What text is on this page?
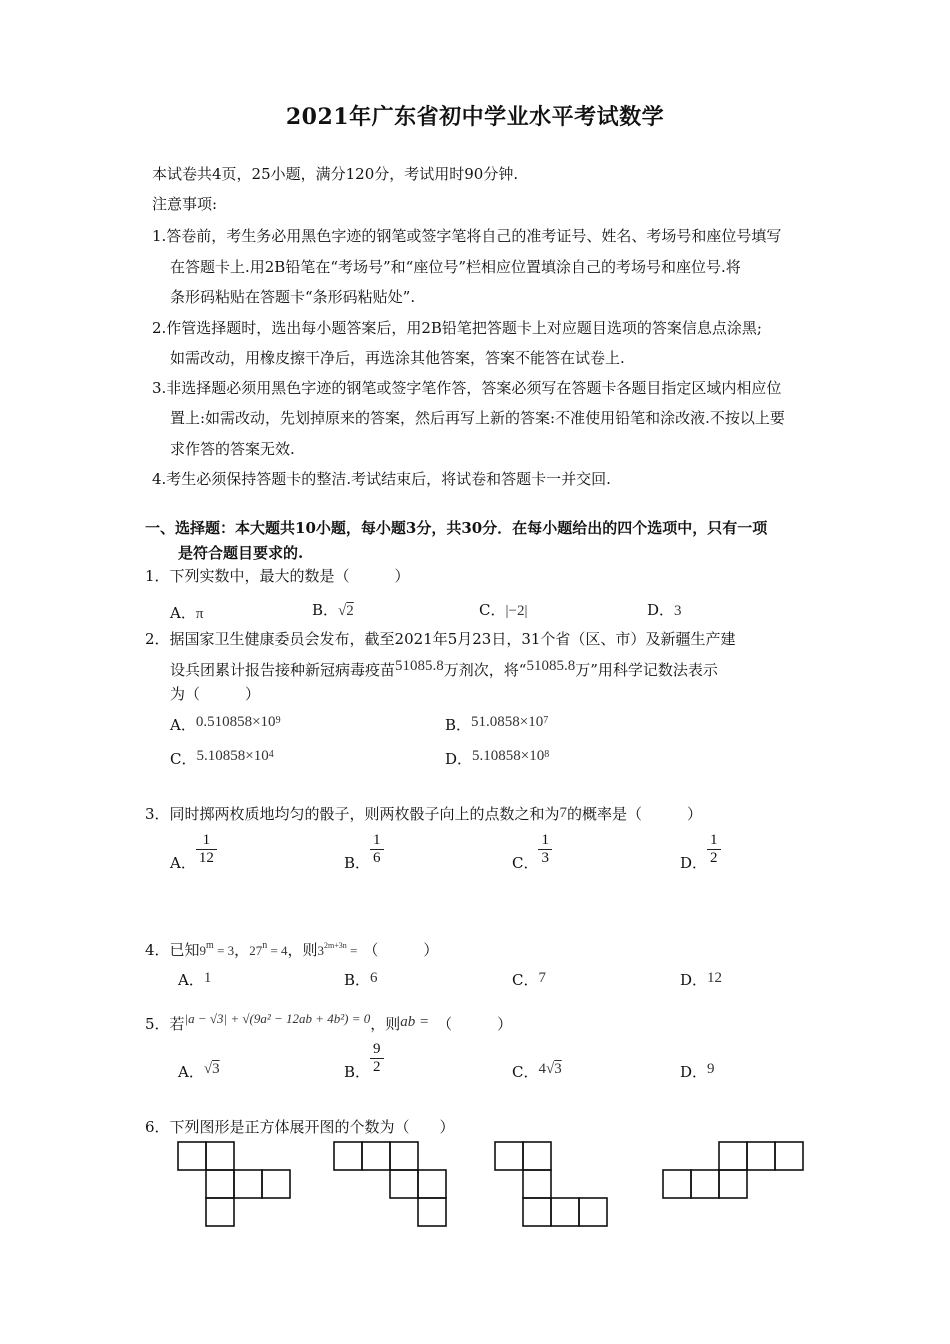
2021年广东省初中学业水平考试数学
本试卷共4页，25小题，满分120分，考试用时90分钟.
注意事项:
1.答卷前，考生务必用黑色字迹的钢笔或签字笔将自己的准考证号、姓名、考场号和座位号填写
在答题卡上.用2B铅笔在“考场号”和“座位号”栏相应位置填涂自己的考场号和座位号.将
条形码粘贴在答题卡“条形码粘贴处”.
2.作管选择题时，选出每小题答案后，用2B铅笔把答题卡上对应题目选项的答案信息点涂黑;
如需改动，用橡皮擦干净后，再选涂其他答案，答案不能答在试卷上.
3.非选择题必须用黑色字迹的钢笔或签字笔作答，答案必须写在答题卡各题目指定区域内相应位
置上:如需改动，先划掉原来的答案，然后再写上新的答案:不准使用铅笔和涂改液.不按以上要
求作答的答案无效.
4.考生必须保持答题卡的整洁.考试结束后，将试卷和答题卡一并交回.
一、选择题：本大题共10小题，每小题3分，共30分．在每小题给出的四个选项中，只有一项
是符合题目要求的.
1．下列实数中，最大的数是（　　　）
A．π	B．√2	C．|−2|	D．3
2．据国家卫生健康委员会发布，截至2021年5月23日，31个省（区、市）及新疆生产建
设兵团累计报告接种新冠病毒疫苗51085.8万剂次，将“51085.8万”用科学记数法表示
为（　　　）
A．$0.510858\times 10^9$	B．$51.0858\times 10^7$
C．$5.10858\times 10^4$	D．$5.10858\times 10^8$
3．同时掷两枚质地均匀的骰子，则两枚骰子向上的点数之和为7的概率是（　　　）
A． $\frac{1}{12}$	B． $\frac{1}{6}$	C． $\frac{1}{3}$	D． $\frac{1}{2}$
4．已知$9^m = 3$，$27^n = 4$，则$3^{2m+3n}$ = （　　　）
A．1	B．6	C．7	D．12
5．若|a − √3| + √(9a² − 12ab + 4b²) = 0，则ab = （　　　）
A．√3	B． $\frac{9}{2}$	C．4√3	D．9
6．下列图形是正方体展开图的个数为（　　）
